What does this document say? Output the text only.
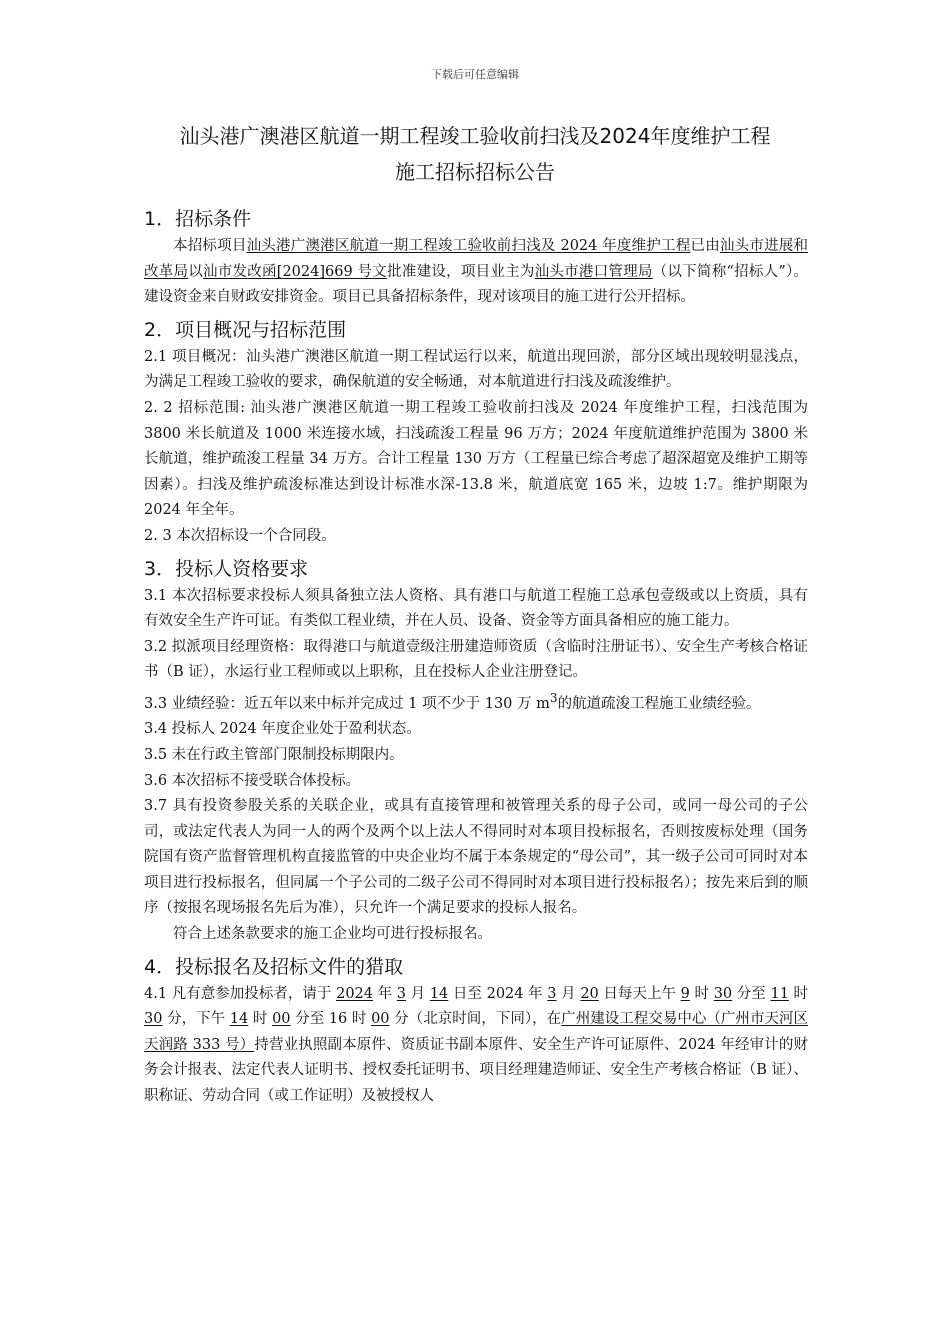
下载后可任意编辑
汕头港广澳港区航道一期工程竣工验收前扫浅及2024年度维护工程
施工招标招标公告
1．招标条件

本招标项目汕头港广澳港区航道一期工程竣工验收前扫浅及 2024 年度维护工程已由汕头市进展和改革局以汕市发改函[2024]669 号文批准建设，项目业主为汕头市港口管理局（以下简称“招标人”）。建设资金来自财政安排资金。项目已具备招标条件，现对该项目的施工进行公开招标。

2．项目概况与招标范围

2.1 项目概况：汕头港广澳港区航道一期工程试运行以来，航道出现回淤，部分区域出现较明显浅点，为满足工程竣工验收的要求，确保航道的安全畅通，对本航道进行扫浅及疏浚维护。

2. 2 招标范围: 汕头港广澳港区航道一期工程竣工验收前扫浅及 2024 年度维护工程，扫浅范围为 3800 米长航道及 1000 米连接水域，扫浅疏浚工程量 96 万方；2024 年度航道维护范围为 3800 米长航道，维护疏浚工程量 34 万方。合计工程量 130 万方（工程量已综合考虑了超深超宽及维护工期等因素）。扫浅及维护疏浚标准达到设计标准水深-13.8 米，航道底宽 165 米，边坡 1:7。维护期限为 2024 年全年。

2. 3 本次招标设一个合同段。

3．投标人资格要求

3.1 本次招标要求投标人须具备独立法人资格、具有港口与航道工程施工总承包壹级或以上资质，具有有效安全生产许可证。有类似工程业绩，并在人员、设备、资金等方面具备相应的施工能力。

3.2 拟派项目经理资格：取得港口与航道壹级注册建造师资质（含临时注册证书）、安全生产考核合格证书（B 证），水运行业工程师或以上职称，且在投标人企业注册登记。

3.3 业绩经验：近五年以来中标并完成过 1 项不少于 130 万 $m^3$的航道疏浚工程施工业绩经验。

3.4 投标人 2024 年度企业处于盈利状态。

3.5 未在行政主管部门限制投标期限内。

3.6 本次招标不接受联合体投标。

3.7 具有投资参股关系的关联企业，或具有直接管理和被管理关系的母子公司，或同一母公司的子公司，或法定代表人为同一人的两个及两个以上法人不得同时对本项目投标报名，否则按废标处理（国务院国有资产监督管理机构直接监管的中央企业均不属于本条规定的“母公司”，其一级子公司可同时对本项目进行投标报名，但同属一个子公司的二级子公司不得同时对本项目进行投标报名）；按先来后到的顺序（按报名现场报名先后为准），只允许一个满足要求的投标人报名。

符合上述条款要求的施工企业均可进行投标报名。

4．投标报名及招标文件的猎取

4.1 凡有意参加投标者，请于 2024 年 3 月 14 日至 2024 年 3 月 20 日每天上午 9 时 30 分至 11 时 30 分，下午 14 时 00 分至 16 时 00 分（北京时间，下同），在广州建设工程交易中心（广州市天河区天润路 333 号）持营业执照副本原件、资质证书副本原件、安全生产许可证原件、2024 年经审计的财务会计报表、法定代表人证明书、授权委托证明书、项目经理建造师证、安全生产考核合格证（B 证）、职称证、劳动合同（或工作证明）及被授权人
